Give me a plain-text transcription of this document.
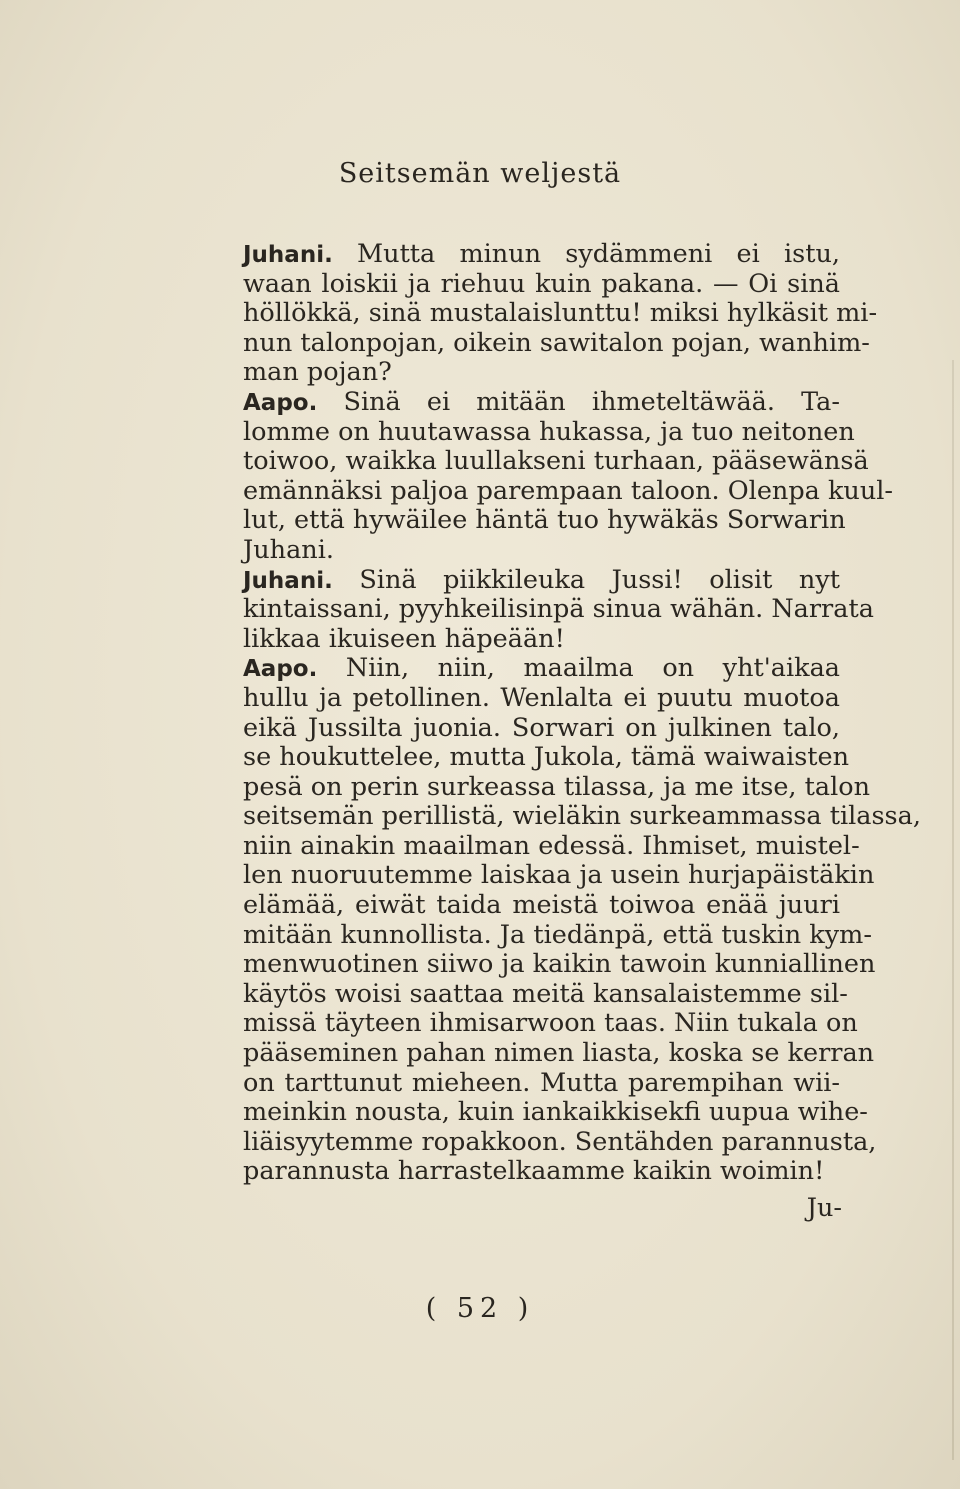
Seitsemän weljestä
Juhani. Mutta minun sydämmeni ei istu,
waan loiskii ja riehuu kuin pakana. — Oi sinä
höllökkä, sinä mustalaislunttu! miksi hylkäsit mi-
nun talonpojan, oikein sawitalon pojan, wanhim-
man pojan?
Aapo. Sinä ei mitään ihmeteltäwää. Ta-
lomme on huutawassa hukassa, ja tuo neitonen
toiwoo, waikka luullakseni turhaan, pääsewänsä
emännäksi paljoa parempaan taloon. Olenpa kuul-
lut, että hywäilee häntä tuo hywäkäs Sorwarin
Juhani.
Juhani. Sinä piikkileuka Jussi! olisit nyt
kintaissani, pyyhkeilisinpä sinua wähän. Narrata
likkaa ikuiseen häpeään!
Aapo. Niin, niin, maailma on yht'aikaa
hullu ja petollinen. Wenlalta ei puutu muotoa
eikä Jussilta juonia. Sorwari on julkinen talo,
se houkuttelee, mutta Jukola, tämä waiwaisten
pesä on perin surkeassa tilassa, ja me itse, talon
seitsemän perillistä, wieläkin surkeammassa tilassa,
niin ainakin maailman edessä. Ihmiset, muistel-
len nuoruutemme laiskaa ja usein hurjapäistäkin
elämää, eiwät taida meistä toiwoa enää juuri
mitään kunnollista. Ja tiedänpä, että tuskin kym-
menwuotinen siiwo ja kaikin tawoin kunniallinen
käytös woisi saattaa meitä kansalaistemme sil-
missä täyteen ihmisarwoon taas. Niin tukala on
pääseminen pahan nimen liasta, koska se kerran
on tarttunut mieheen. Mutta parempihan wii-
meinkin nousta, kuin iankaikkisekfi uupua wihe-
liäisyytemme ropakkoon. Sentähden parannusta,
parannusta harrastelkaamme kaikin woimin!
Ju-
( 52 )
